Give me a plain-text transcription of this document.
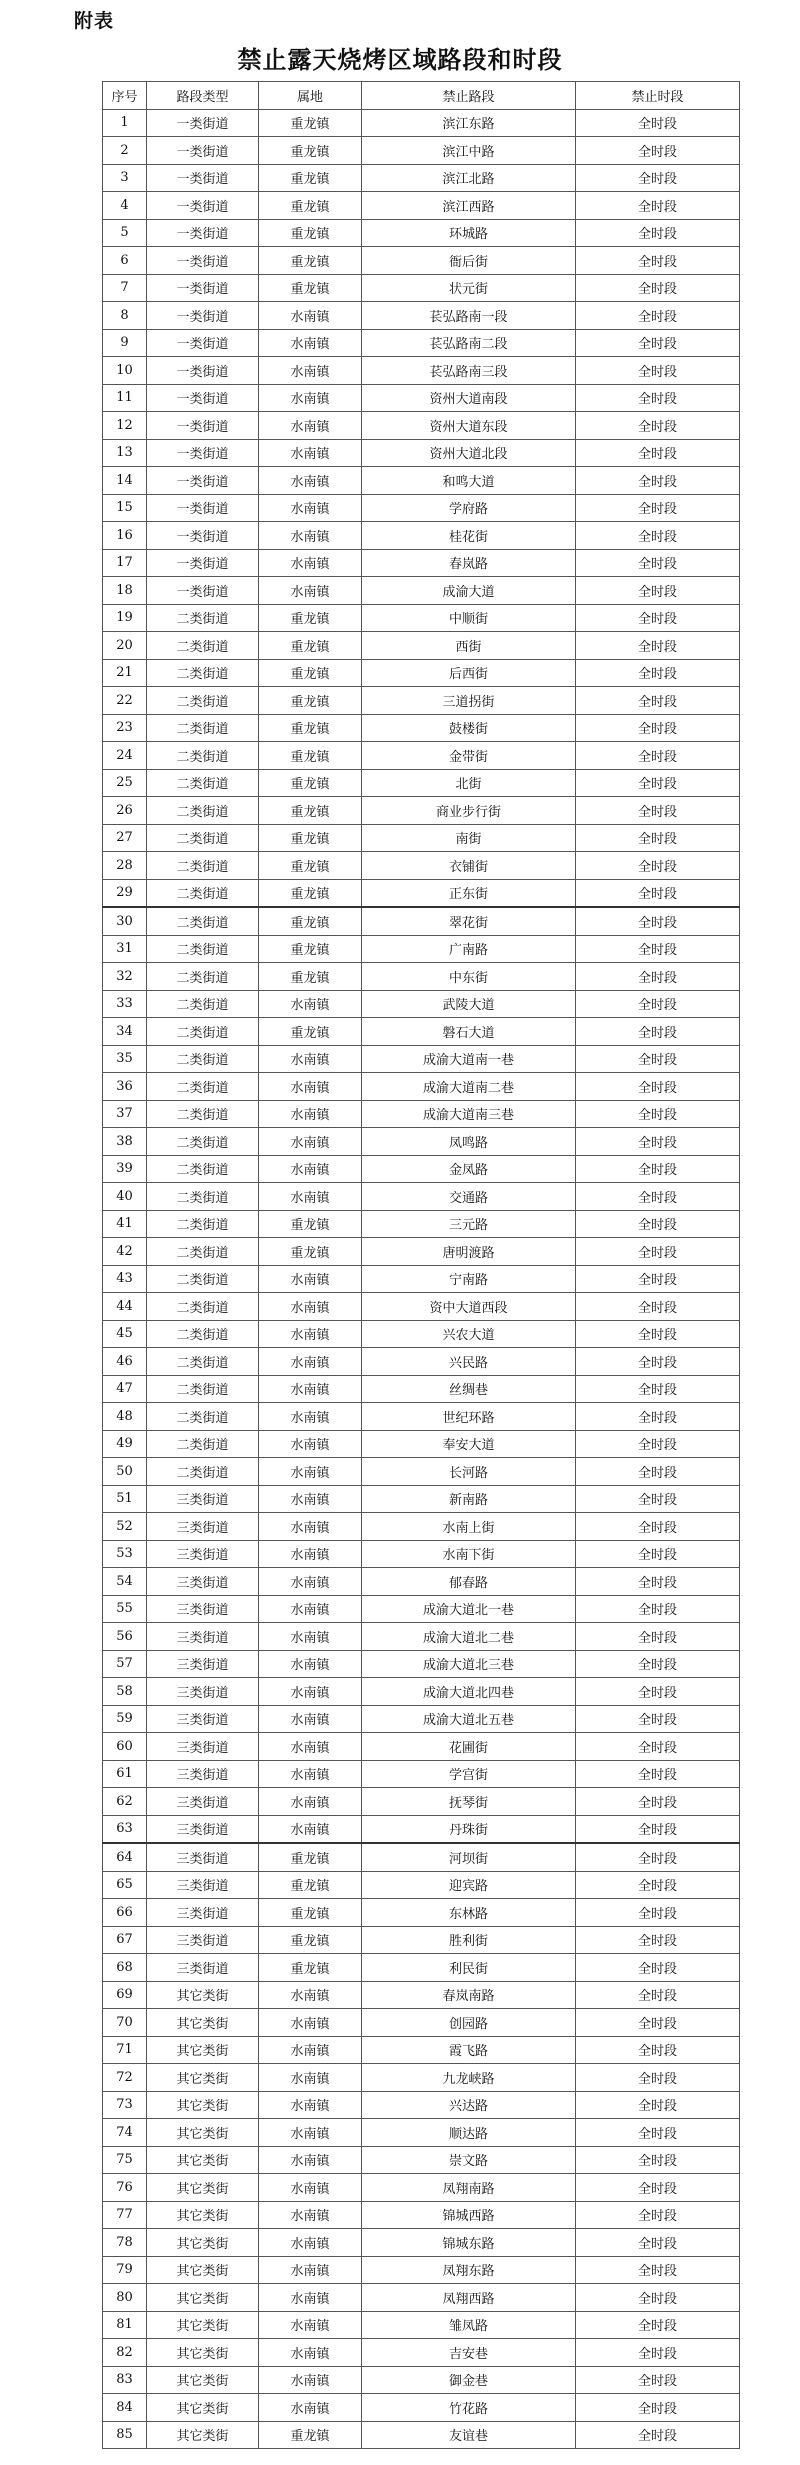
附表
禁止露天烧烤区域路段和时段
序号	路段类型	属地	禁止路段	禁止时段
1	一类街道	重龙镇	滨江东路	全时段
2	一类街道	重龙镇	滨江中路	全时段
3	一类街道	重龙镇	滨江北路	全时段
4	一类街道	重龙镇	滨江西路	全时段
5	一类街道	重龙镇	环城路	全时段
6	一类街道	重龙镇	衙后街	全时段
7	一类街道	重龙镇	状元街	全时段
8	一类街道	水南镇	苌弘路南一段	全时段
9	一类街道	水南镇	苌弘路南二段	全时段
10	一类街道	水南镇	苌弘路南三段	全时段
11	一类街道	水南镇	资州大道南段	全时段
12	一类街道	水南镇	资州大道东段	全时段
13	一类街道	水南镇	资州大道北段	全时段
14	一类街道	水南镇	和鸣大道	全时段
15	一类街道	水南镇	学府路	全时段
16	一类街道	水南镇	桂花街	全时段
17	一类街道	水南镇	春岚路	全时段
18	一类街道	水南镇	成渝大道	全时段
19	二类街道	重龙镇	中顺街	全时段
20	二类街道	重龙镇	西街	全时段
21	二类街道	重龙镇	后西街	全时段
22	二类街道	重龙镇	三道拐街	全时段
23	二类街道	重龙镇	鼓楼街	全时段
24	二类街道	重龙镇	金带街	全时段
25	二类街道	重龙镇	北街	全时段
26	二类街道	重龙镇	商业步行街	全时段
27	二类街道	重龙镇	南街	全时段
28	二类街道	重龙镇	衣铺街	全时段
29	二类街道	重龙镇	正东街	全时段
30	二类街道	重龙镇	翠花街	全时段
31	二类街道	重龙镇	广南路	全时段
32	二类街道	重龙镇	中东街	全时段
33	二类街道	水南镇	武陵大道	全时段
34	二类街道	重龙镇	磐石大道	全时段
35	二类街道	水南镇	成渝大道南一巷	全时段
36	二类街道	水南镇	成渝大道南二巷	全时段
37	二类街道	水南镇	成渝大道南三巷	全时段
38	二类街道	水南镇	凤鸣路	全时段
39	二类街道	水南镇	金凤路	全时段
40	二类街道	水南镇	交通路	全时段
41	二类街道	重龙镇	三元路	全时段
42	二类街道	重龙镇	唐明渡路	全时段
43	二类街道	水南镇	宁南路	全时段
44	二类街道	水南镇	资中大道西段	全时段
45	二类街道	水南镇	兴农大道	全时段
46	二类街道	水南镇	兴民路	全时段
47	二类街道	水南镇	丝绸巷	全时段
48	二类街道	水南镇	世纪环路	全时段
49	二类街道	水南镇	奉安大道	全时段
50	二类街道	水南镇	长河路	全时段
51	三类街道	水南镇	新南路	全时段
52	三类街道	水南镇	水南上街	全时段
53	三类街道	水南镇	水南下街	全时段
54	三类街道	水南镇	郁春路	全时段
55	三类街道	水南镇	成渝大道北一巷	全时段
56	三类街道	水南镇	成渝大道北二巷	全时段
57	三类街道	水南镇	成渝大道北三巷	全时段
58	三类街道	水南镇	成渝大道北四巷	全时段
59	三类街道	水南镇	成渝大道北五巷	全时段
60	三类街道	水南镇	花圃街	全时段
61	三类街道	水南镇	学宫街	全时段
62	三类街道	水南镇	抚琴街	全时段
63	三类街道	水南镇	丹珠街	全时段
64	三类街道	重龙镇	河坝街	全时段
65	三类街道	重龙镇	迎宾路	全时段
66	三类街道	重龙镇	东林路	全时段
67	三类街道	重龙镇	胜利街	全时段
68	三类街道	重龙镇	利民街	全时段
69	其它类街	水南镇	春岚南路	全时段
70	其它类街	水南镇	创园路	全时段
71	其它类街	水南镇	霞飞路	全时段
72	其它类街	水南镇	九龙峡路	全时段
73	其它类街	水南镇	兴达路	全时段
74	其它类街	水南镇	顺达路	全时段
75	其它类街	水南镇	崇文路	全时段
76	其它类街	水南镇	凤翔南路	全时段
77	其它类街	水南镇	锦城西路	全时段
78	其它类街	水南镇	锦城东路	全时段
79	其它类街	水南镇	凤翔东路	全时段
80	其它类街	水南镇	凤翔西路	全时段
81	其它类街	水南镇	雏凤路	全时段
82	其它类街	水南镇	吉安巷	全时段
83	其它类街	水南镇	御金巷	全时段
84	其它类街	水南镇	竹花路	全时段
85	其它类街	重龙镇	友谊巷	全时段
